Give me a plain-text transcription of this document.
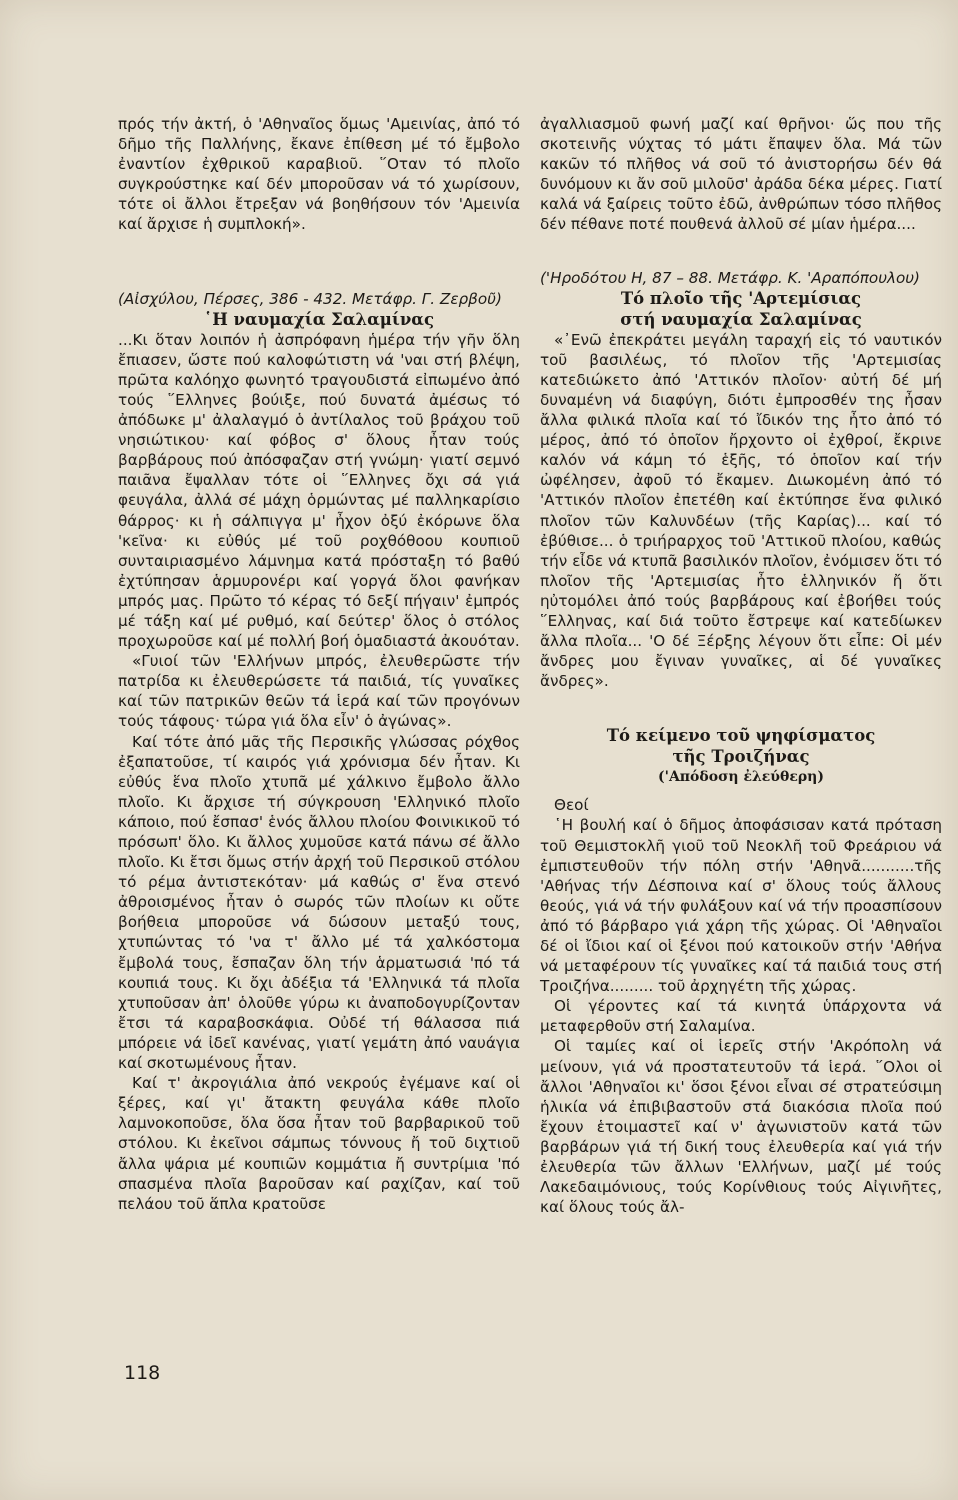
πρός τήν ἀκτή, ὁ 'Αθηναῖος ὅμως 'Αμεινίας, ἀπό τό δῆμο τῆς Παλλήνης, ἔκανε ἐπίθεση μέ τό ἔμβολο ἐναντίον ἐχθρικοῦ καραβιοῦ. ῞Οταν τό πλοῖο συγκρούστηκε καί δέν μποροῦσαν νά τό χωρίσουν, τότε οἱ ἄλλοι ἔτρεξαν νά βοηθήσουν τόν 'Αμεινία καί ἄρχισε ἡ συμπλοκή».

(Αἰσχύλου, Πέρσες, 386 - 432. Μετάφρ. Γ. Ζερβοῦ)

῾Η ναυμαχία Σαλαμίνας

...Κι ὅταν λοιπόν ἡ ἀσπρόφανη ἡμέρα τήν γῆν ὅλη ἔπιασεν, ὥστε πού καλοφώτιστη νά 'ναι στή βλέψη, πρῶτα καλόηχο φωνητό τραγουδιστά εἰπωμένο ἀπό τούς ῞Ελληνες βούιξε, πού δυνατά ἀμέσως τό ἀπόδωκε μ' ἀλαλαγμό ὁ ἀντίλαλος τοῦ βράχου τοῦ νησιώτικου· καί φόβος σ' ὅλους ἦταν τούς βαρβάρους πού ἀπόσφαζαν στή γνώμη· γιατί σεμνό παιᾶνα ἔψαλλαν τότε οἱ ῞Ελληνες ὄχι σά γιά φευγάλα, ἀλλά σέ μάχη ὁρμώντας μέ παλληκαρίσιο θάρρος· κι ἡ σάλπιγγα μ' ἦχον ὀξύ ἐκόρωνε ὅλα 'κεῖνα· κι εὐθύς μέ τοῦ ροχθόθοου κουπιοῦ συνταιριασμένο λάμνημα κατά πρόσταξη τό βαθύ ἐχτύπησαν ἁρμυρονέρι καί γοργά ὅλοι φανήκαν μπρός μας. Πρῶτο τό κέρας τό δεξί πήγαιν' ἐμπρός μέ τάξη καί μέ ρυθμό, καί δεύτερ' ὅλος ὁ στόλος προχωροῦσε καί μέ πολλή βοή ὁμαδιαστά ἀκουόταν.

«Γυιοί τῶν 'Ελλήνων μπρός, ἐλευθερῶστε τήν πατρίδα κι ἐλευθερώσετε τά παιδιά, τίς γυναῖκες καί τῶν πατρικῶν θεῶν τά ἱερά καί τῶν προγόνων τούς τάφους· τώρα γιά ὅλα εἶν' ὁ ἀγώνας».

Καί τότε ἀπό μᾶς τῆς Περσικῆς γλώσσας ρόχθος ἐξαπατοῦσε, τί καιρός γιά χρόνισμα δέν ἦταν. Κι εὐθύς ἕνα πλοῖο χτυπᾶ μέ χάλκινο ἔμβολο ἄλλο πλοῖο. Κι ἄρχισε τή σύγκρουση 'Ελληνικό πλοῖο κάποιο, πού ἔσπασ' ἑνός ἄλλου πλοίου Φοινικικοῦ τό πρόσωπ' ὅλο. Κι ἄλλος χυμοῦσε κατά πάνω σέ ἄλλο πλοῖο. Κι ἔτσι ὅμως στήν ἀρχή τοῦ Περσικοῦ στόλου τό ρέμα ἀντιστεκόταν· μά καθώς σ' ἕνα στενό ἀθροισμένος ἦταν ὁ σωρός τῶν πλοίων κι οὔτε βοήθεια μποροῦσε νά δώσουν μεταξύ τους, χτυπώντας τό 'να τ' ἄλλο μέ τά χαλκόστομα ἔμβολά τους, ἔσπαζαν ὅλη τήν ἁρματωσιά 'πό τά κουπιά τους. Κι ὄχι ἀδέξια τά 'Ελληνικά τά πλοῖα χτυποῦσαν ἀπ' ὁλοῦθε γύρω κι ἀναποδογυρίζονταν ἔτσι τά καραβοσκάφια. Οὐδέ τή θάλασσα πιά μπόρειε νά ἰδεῖ κανένας, γιατί γεμάτη ἀπό ναυάγια καί σκοτωμένους ἦταν.

Καί τ' ἀκρογιάλια ἀπό νεκρούς ἐγέμανε καί οἱ ξέρες, καί γι' ἄτακτη φευγάλα κάθε πλοῖο λαμνοκοποῦσε, ὅλα ὅσα ἦταν τοῦ βαρβαρικοῦ τοῦ στόλου. Κι ἐκεῖνοι σάμπως τόννους ἤ τοῦ διχτιοῦ ἄλλα ψάρια μέ κουπιῶν κομμάτια ἤ συντρίμια 'πό σπασμένα πλοῖα βαροῦσαν καί ραχίζαν, καί τοῦ πελάου τοῦ ἅπλα κρατοῦσε

ἀγαλλιασμοῦ φωνή μαζί καί θρῆνοι· ὥς που τῆς σκοτεινῆς νύχτας τό μάτι ἔπαψεν ὅλα. Μά τῶν κακῶν τό πλῆθος νά σοῦ τό ἀνιστορήσω δέν θά δυνόμουν κι ἄν σοῦ μιλοῦσ' ἀράδα δέκα μέρες. Γιατί καλά νά ξαίρεις τοῦτο ἐδῶ, ἀνθρώπων τόσο πλῆθος δέν πέθανε ποτέ πουθενά ἀλλοῦ σέ μίαν ἡμέρα....

('Ηροδότου Η, 87 – 88. Μετάφρ. Κ. 'Αραπόπουλου)

Τό πλοῖο τῆς 'Αρτεμίσιας

στή ναυμαχία Σαλαμίνας

«᾿Ενῶ ἐπεκράτει μεγάλη ταραχή εἰς τό ναυτικόν τοῦ βασιλέως, τό πλοῖον τῆς 'Αρτεμισίας κατεδιώκετο ἀπό 'Αττικόν πλοῖον· αὐτή δέ μή δυναμένη νά διαφύγη, διότι ἐμπροσθέν της ἦσαν ἄλλα φιλικά πλοῖα καί τό ἴδικόν της ἦτο ἀπό τό μέρος, ἀπό τό ὁποῖον ἤρχοντο οἱ ἐχθροί, ἔκρινε καλόν νά κάμη τό ἑξῆς, τό ὁποῖον καί τήν ὠφέλησεν, ἀφοῦ τό ἔκαμεν. Διωκομένη ἀπό τό 'Αττικόν πλοῖον ἐπετέθη καί ἐκτύπησε ἕνα φιλικό πλοῖον τῶν Καλυνδέων (τῆς Καρίας)... καί τό ἐβύθισε... ὁ τριήραρχος τοῦ 'Αττικοῦ πλοίου, καθώς τήν εἶδε νά κτυπᾶ βασιλικόν πλοῖον, ἐνόμισεν ὅτι τό πλοῖον τῆς 'Αρτεμισίας ἦτο ἑλληνικόν ἤ ὅτι ηὐτομόλει ἀπό τούς βαρβάρους καί ἐβοήθει τούς ῞Ελληνας, καί διά τοῦτο ἔστρεψε καί κατεδίωκεν ἄλλα πλοῖα... 'Ο δέ Ξέρξης λέγουν ὅτι εἶπε: Οἱ μέν ἄνδρες μου ἔγιναν γυναῖκες, αἱ δέ γυναῖκες ἄνδρες».

Τό κείμενο τοῦ ψηφίσματος

τῆς Τροιζήνας

('Απόδοση ἐλεύθερη)

Θεοί

῾Η βουλή καί ὁ δῆμος ἀποφάσισαν κατά πρόταση τοῦ Θεμιστοκλῆ γιοῦ τοῦ Νεοκλῆ τοῦ Φρεάριου νά ἐμπιστευθοῦν τήν πόλη στήν 'Αθηνᾶ...........τῆς 'Αθήνας τήν Δέσποινα καί σ' ὅλους τούς ἄλλους θεούς, γιά νά τήν φυλάξουν καί νά τήν προασπίσουν ἀπό τό βάρβαρο γιά χάρη τῆς χώρας. Οἱ 'Αθηναῖοι δέ οἱ ἴδιοι καί οἱ ξένοι πού κατοικοῦν στήν 'Αθήνα νά μεταφέρουν τίς γυναῖκες καί τά παιδιά τους στή Τροιζήνα......... τοῦ ἀρχηγέτη τῆς χώρας.

Οἱ γέροντες καί τά κινητά ὑπάρχοντα νά μεταφερθοῦν στή Σαλαμίνα.

Οἱ ταμίες καί οἱ ἱερεῖς στήν 'Ακρόπολη νά μείνουν, γιά νά προστατευτοῦν τά ἱερά. ῞Ολοι οἱ ἄλλοι 'Αθηναῖοι κι' ὅσοι ξένοι εἶναι σέ στρατεύσιμη ἡλικία νά ἐπιβιβαστοῦν στά διακόσια πλοῖα πού ἔχουν ἑτοιμαστεῖ καί ν' ἀγωνιστοῦν κατά τῶν βαρβάρων γιά τή δική τους ἐλευθερία καί γιά τήν ἐλευθερία τῶν ἄλλων 'Ελλήνων, μαζί μέ τούς Λακεδαιμόνιους, τούς Κορίνθιους τούς Αἰγινῆτες, καί ὅλους τούς ἄλ-

118
